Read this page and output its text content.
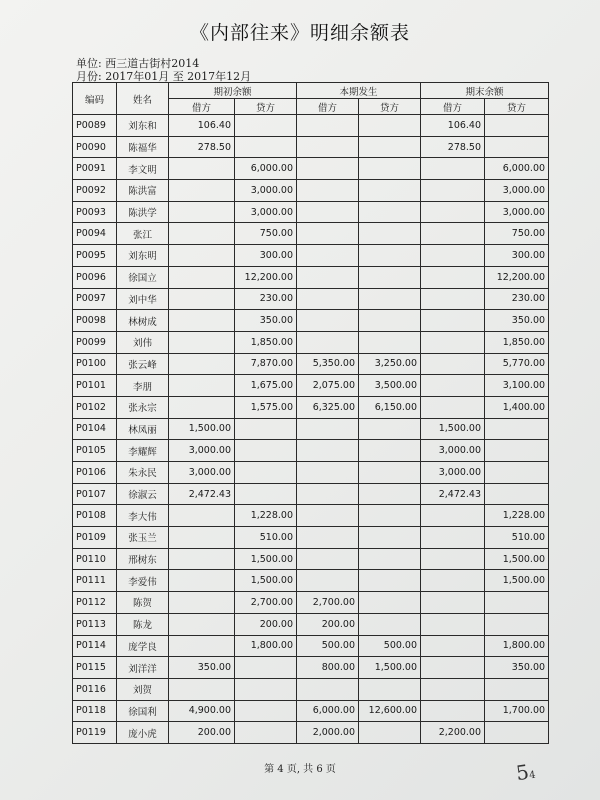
《内部往来》明细余额表
单位: 西三道古街村2014
月份: 2017年01月 至 2017年12月
编码	姓名	期初余额		本期发生		期末余额	
		借方	贷方	借方	贷方	借方	贷方
P0089	刘东和	106.40				106.40	
P0090	陈福华	278.50				278.50	
P0091	李文明		6,000.00				6,000.00
P0092	陈洪富		3,000.00				3,000.00
P0093	陈洪学		3,000.00				3,000.00
P0094	张江		750.00				750.00
P0095	刘东明		300.00				300.00
P0096	徐国立		12,200.00				12,200.00
P0097	刘中华		230.00				230.00
P0098	林树成		350.00				350.00
P0099	刘伟		1,850.00				1,850.00
P0100	张云峰		7,870.00	5,350.00	3,250.00		5,770.00
P0101	李朋		1,675.00	2,075.00	3,500.00		3,100.00
P0102	张永宗		1,575.00	6,325.00	6,150.00		1,400.00
P0104	林凤丽	1,500.00				1,500.00	
P0105	李耀辉	3,000.00				3,000.00	
P0106	朱永民	3,000.00				3,000.00	
P0107	徐淑云	2,472.43				2,472.43	
P0108	李大伟		1,228.00				1,228.00
P0109	张玉兰		510.00				510.00
P0110	邢树东		1,500.00				1,500.00
P0111	李爱伟		1,500.00				1,500.00
P0112	陈贺		2,700.00	2,700.00			
P0113	陈龙		200.00	200.00			
P0114	庞学良		1,800.00	500.00	500.00		1,800.00
P0115	刘洋洋	350.00		800.00	1,500.00		350.00
P0116	刘贺						
P0118	徐国利	4,900.00		6,000.00	12,600.00		1,700.00
P0119	庞小虎	200.00		2,000.00		2,200.00	
第 4 页, 共 6 页	54
